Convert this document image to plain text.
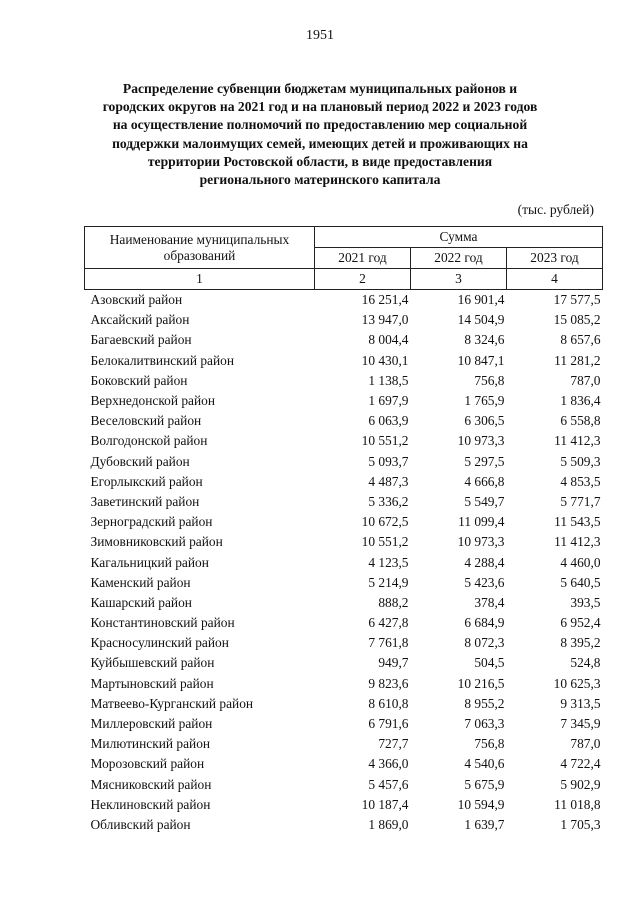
1951
Распределение субвенции бюджетам муниципальных районов и
городских округов на 2021 год и на плановый период 2022 и 2023 годов
на осуществление полномочий по предоставлению мер социальной
поддержки малоимущих семей, имеющих детей и проживающих на
территории Ростовской области, в виде предоставления
регионального материнского капитала
(тыс. рублей)
Наименование муниципальных образований	Сумма		
	2021 год	2022 год	2023 год
1	2	3	4
Азовский район	16 251,4	16 901,4	17 577,5
Аксайский район	13 947,0	14 504,9	15 085,2
Багаевский район	8 004,4	8 324,6	8 657,6
Белокалитвинский район	10 430,1	10 847,1	11 281,2
Боковский район	1 138,5	756,8	787,0
Верхнедонской район	1 697,9	1 765,9	1 836,4
Веселовский район	6 063,9	6 306,5	6 558,8
Волгодонской район	10 551,2	10 973,3	11 412,3
Дубовский район	5 093,7	5 297,5	5 509,3
Егорлыкский район	4 487,3	4 666,8	4 853,5
Заветинский район	5 336,2	5 549,7	5 771,7
Зерноградский район	10 672,5	11 099,4	11 543,5
Зимовниковский район	10 551,2	10 973,3	11 412,3
Кагальницкий район	4 123,5	4 288,4	4 460,0
Каменский район	5 214,9	5 423,6	5 640,5
Кашарский район	888,2	378,4	393,5
Константиновский район	6 427,8	6 684,9	6 952,4
Красносулинский район	7 761,8	8 072,3	8 395,2
Куйбышевский район	949,7	504,5	524,8
Мартыновский район	9 823,6	10 216,5	10 625,3
Матвеево-Курганский район	8 610,8	8 955,2	9 313,5
Миллеровский район	6 791,6	7 063,3	7 345,9
Милютинский район	727,7	756,8	787,0
Морозовский район	4 366,0	4 540,6	4 722,4
Мясниковский район	5 457,6	5 675,9	5 902,9
Неклиновский район	10 187,4	10 594,9	11 018,8
Обливский район	1 869,0	1 639,7	1 705,3
